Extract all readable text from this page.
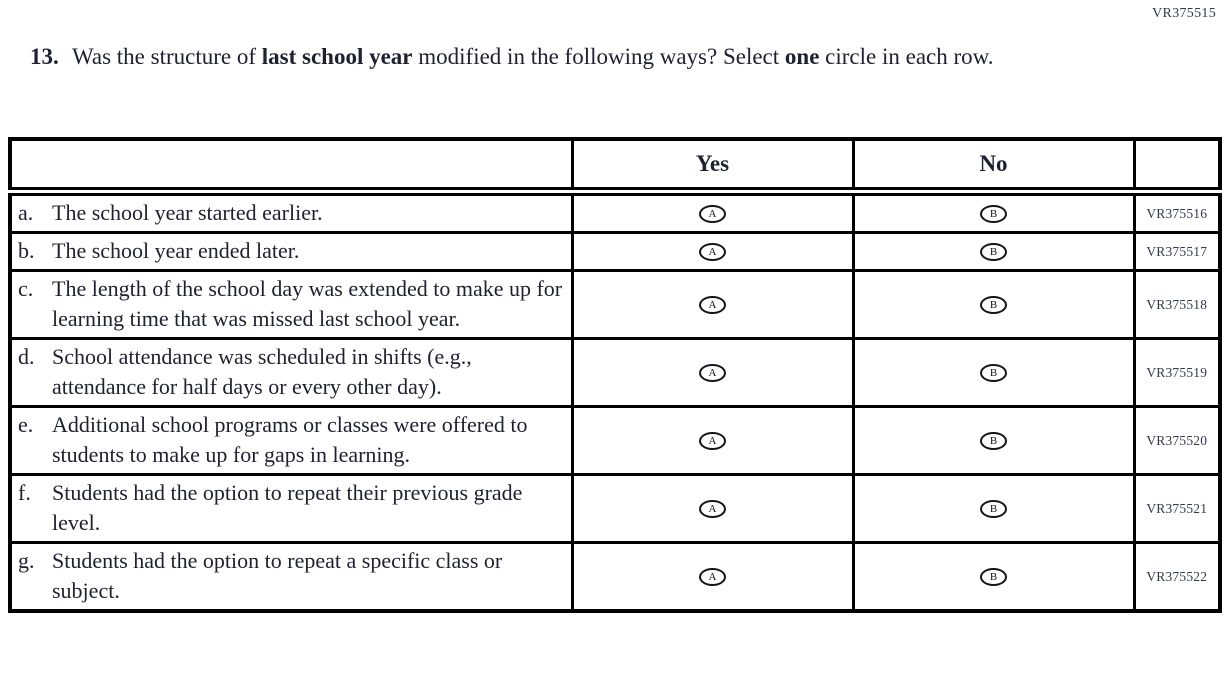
VR375515
13. Was the structure of last school year modified in the following ways? Select one circle in each row.
	Yes	No	

a. The school year started earlier.	A	B	VR375516

b. The school year ended later.	A	B	VR375517

c. The length of the school day was extended to make up for learning time that was missed last school year.	A	B	VR375518

d. School attendance was scheduled in shifts (e.g., attendance for half days or every other day).	A	B	VR375519

e. Additional school programs or classes were offered to students to make up for gaps in learning.	A	B	VR375520

f. Students had the option to repeat their previous grade level.	A	B	VR375521

g. Students had the option to repeat a specific class or subject.	A	B	VR375522
